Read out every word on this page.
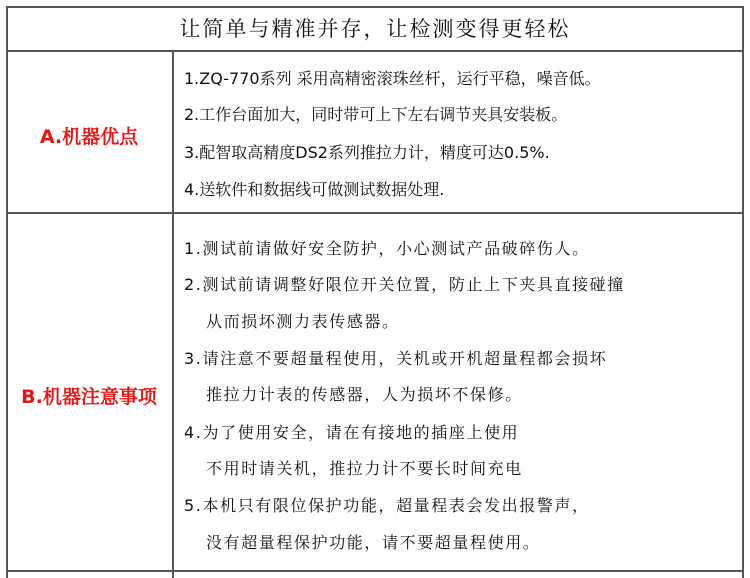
让简单与精准并存，让检测变得更轻松
A.机器优点
1.ZQ-770系列 采用高精密滚珠丝杆，运行平稳，噪音低。
2.工作台面加大，同时带可上下左右调节夹具安装板。
3.配智取高精度DS2系列推拉力计，精度可达0.5%.
4.送软件和数据线可做测试数据处理.
B.机器注意事项
1.测试前请做好安全防护，小心测试产品破碎伤人。
2.测试前请调整好限位开关位置，防止上下夹具直接碰撞
从而损坏测力表传感器。
3.请注意不要超量程使用，关机或开机超量程都会损坏
推拉力计表的传感器，人为损坏不保修。
4.为了使用安全，请在有接地的插座上使用
不用时请关机，推拉力计不要长时间充电
5.本机只有限位保护功能，超量程表会发出报警声，
没有超量程保护功能，请不要超量程使用。
